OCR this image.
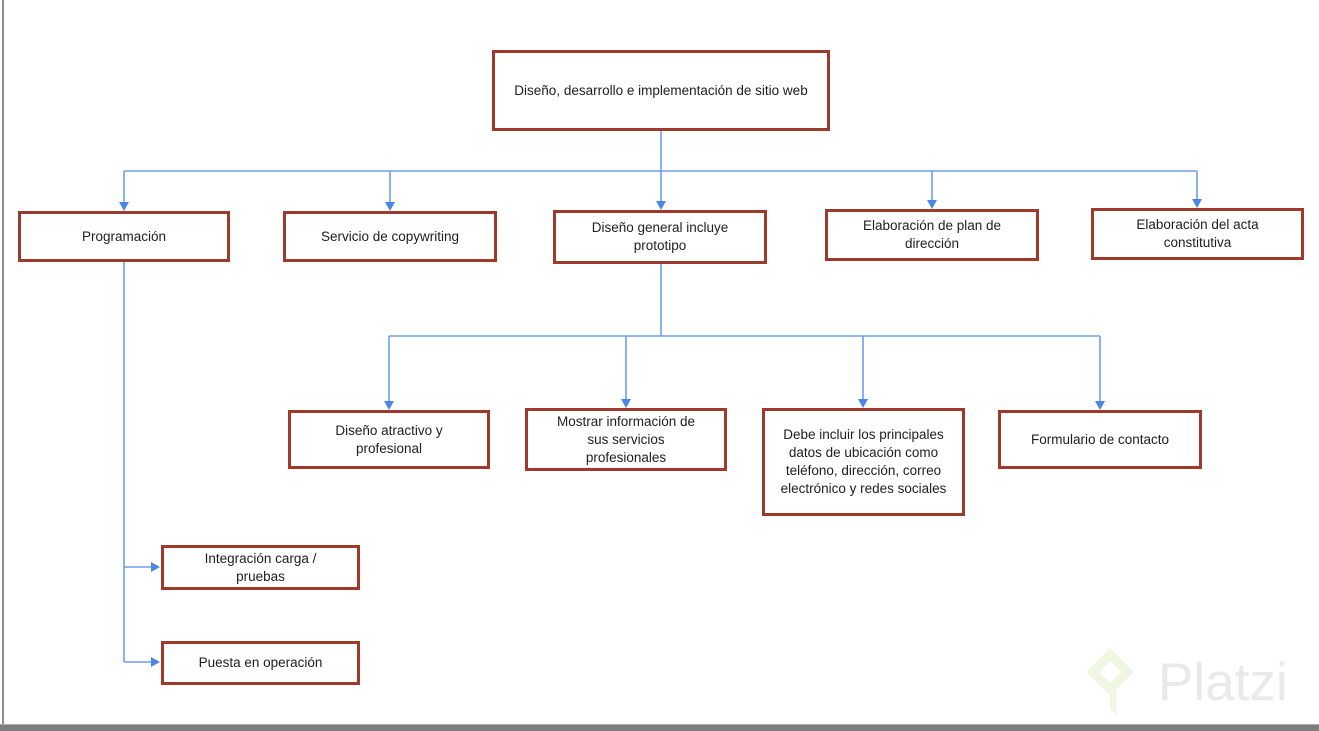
Diseño, desarrollo e implementación de sitio web
Programación	Servicio de copywriting
Diseño general incluye prototipo
Elaboración de plan de dirección
Elaboración del acta constitutiva
Diseño atractivo y profesional
Mostrar información de sus servicios profesionales
Debe incluir los principales datos de ubicación como teléfono, dirección, correo electrónico y redes sociales
Formulario de contacto
Integración carga / pruebas
Puesta en operación	Platzi
